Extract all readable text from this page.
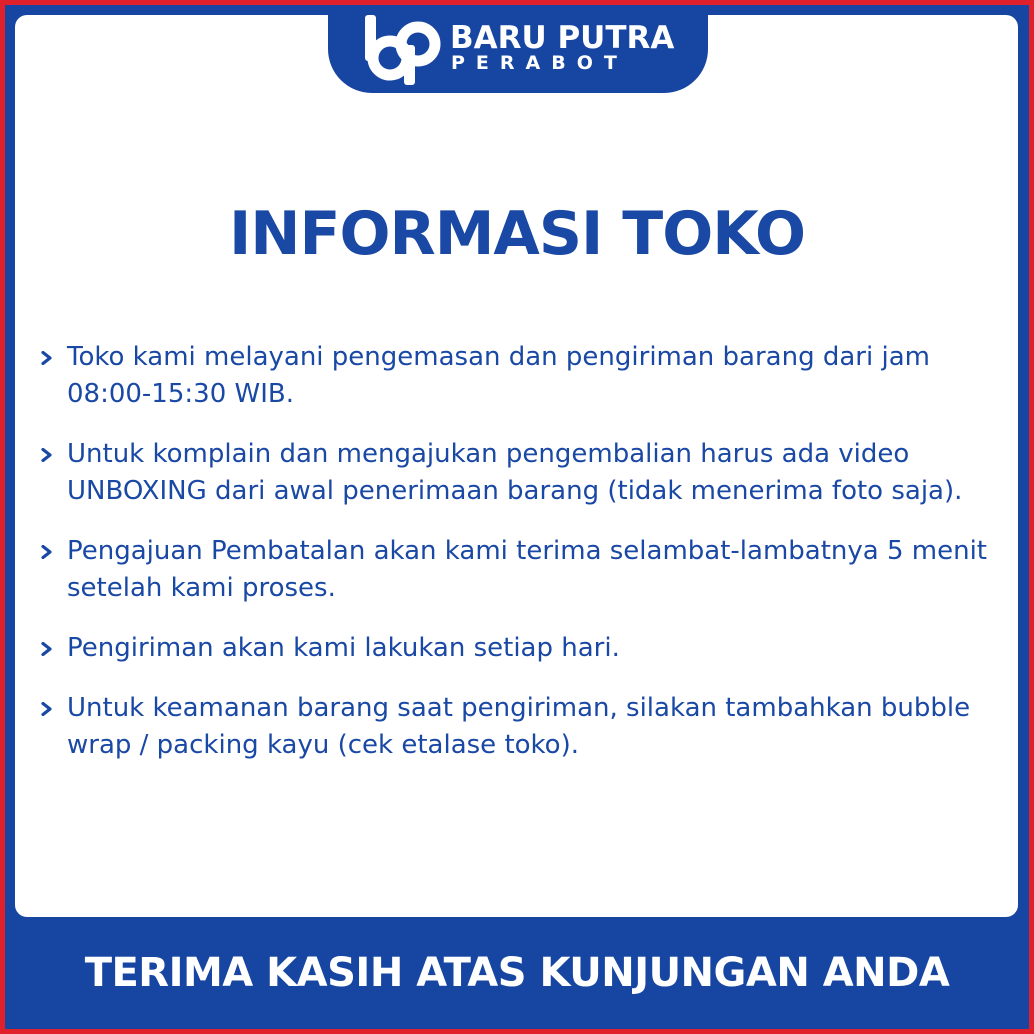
BARU PUTRA
PERABOT
INFORMASI TOKO
Toko kami melayani pengemasan dan pengiriman barang dari jam 08:00-15:30 WIB.
Untuk komplain dan mengajukan pengembalian harus ada video UNBOXING dari awal penerimaan barang (tidak menerima foto saja).
Pengajuan Pembatalan akan kami terima selambat-lambatnya 5 menit setelah kami proses.
Pengiriman akan kami lakukan setiap hari.
Untuk keamanan barang saat pengiriman, silakan tambahkan bubble wrap / packing kayu (cek etalase toko).
TERIMA KASIH ATAS KUNJUNGAN ANDA
